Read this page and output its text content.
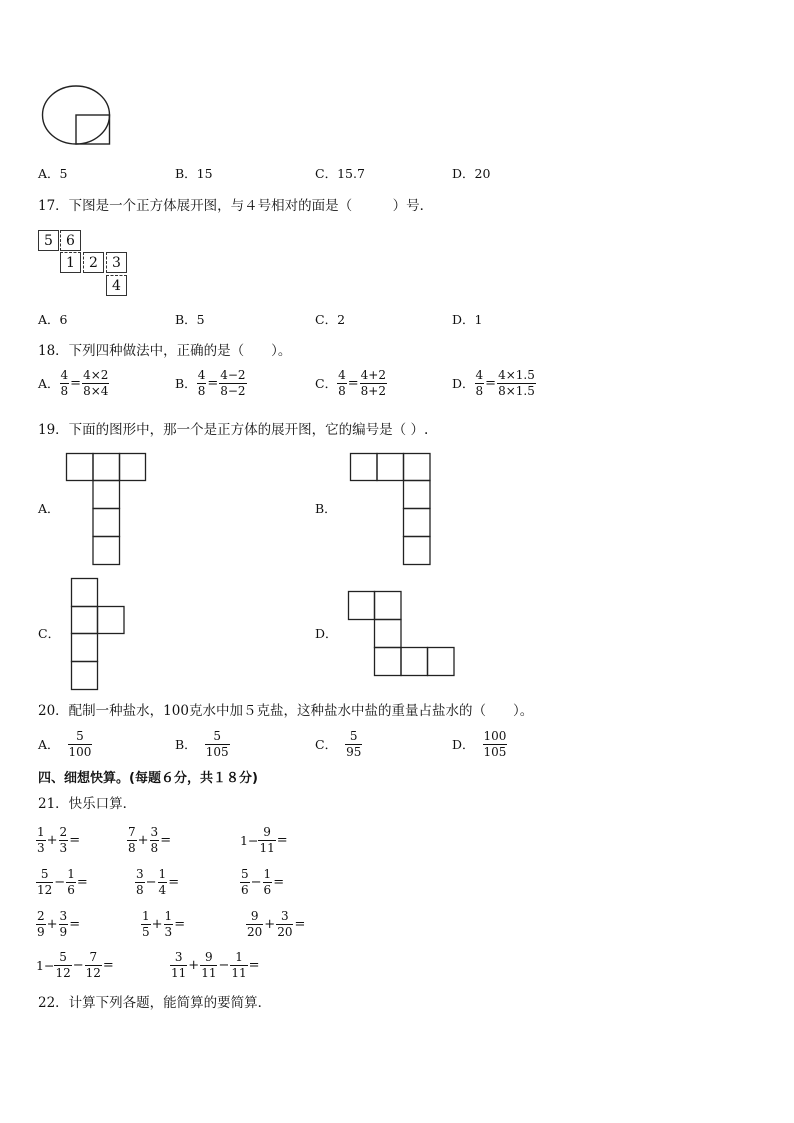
A．5	B．15	C．15.7	D．20
17．下图是一个正方体展开图，与４号相对的面是（　　　）号．
5 6
1	2	3
4
A．6	B．5	C．2	D．1
18．下列四种做法中，正确的是（　　）。
A． $\frac{4}{8} = \frac{4\times 2}{8\times 4}$	B． $\frac{4}{8} = \frac{4-2}{8-2}$	C． $\frac{4}{8} = \frac{4+2}{8+2}$	D． $\frac{4}{8} = \frac{4\times 1.5}{8\times 1.5}$
19．下面的图形中，那一个是正方体的展开图，它的编号是（ ）.
A．	B．
C．	D．
20．配制一种盐水，100克水中加５克盐，这种盐水中盐的重量占盐水的（　　）。
A． $\frac{5}{100}$	B． $\frac{5}{105}$	C． $\frac{5}{95}$	D． $\frac{100}{105}$
四、细想快算。(每题６分，共１８分)
21．快乐口算．
$\frac{1}{3} + \frac{2}{3}$ =	$\frac{7}{8} + \frac{3}{8}$ =	$1- \frac{9}{11}$ =
$\frac{5}{12} - \frac{1}{6}$ =	$\frac{3}{8} - \frac{1}{4}$ =	$\frac{5}{6} - \frac{1}{6}$ =
$\frac{2}{9} + \frac{3}{9}$ =	$\frac{1}{5} + \frac{1}{3}$ =	$\frac{9}{20} + \frac{3}{20}$ =
$1- \frac{5}{12} - \frac{7}{12}$ =	$\frac{3}{11} + \frac{9}{11} - \frac{1}{11}$ =
22．计算下列各题，能简算的要简算．
